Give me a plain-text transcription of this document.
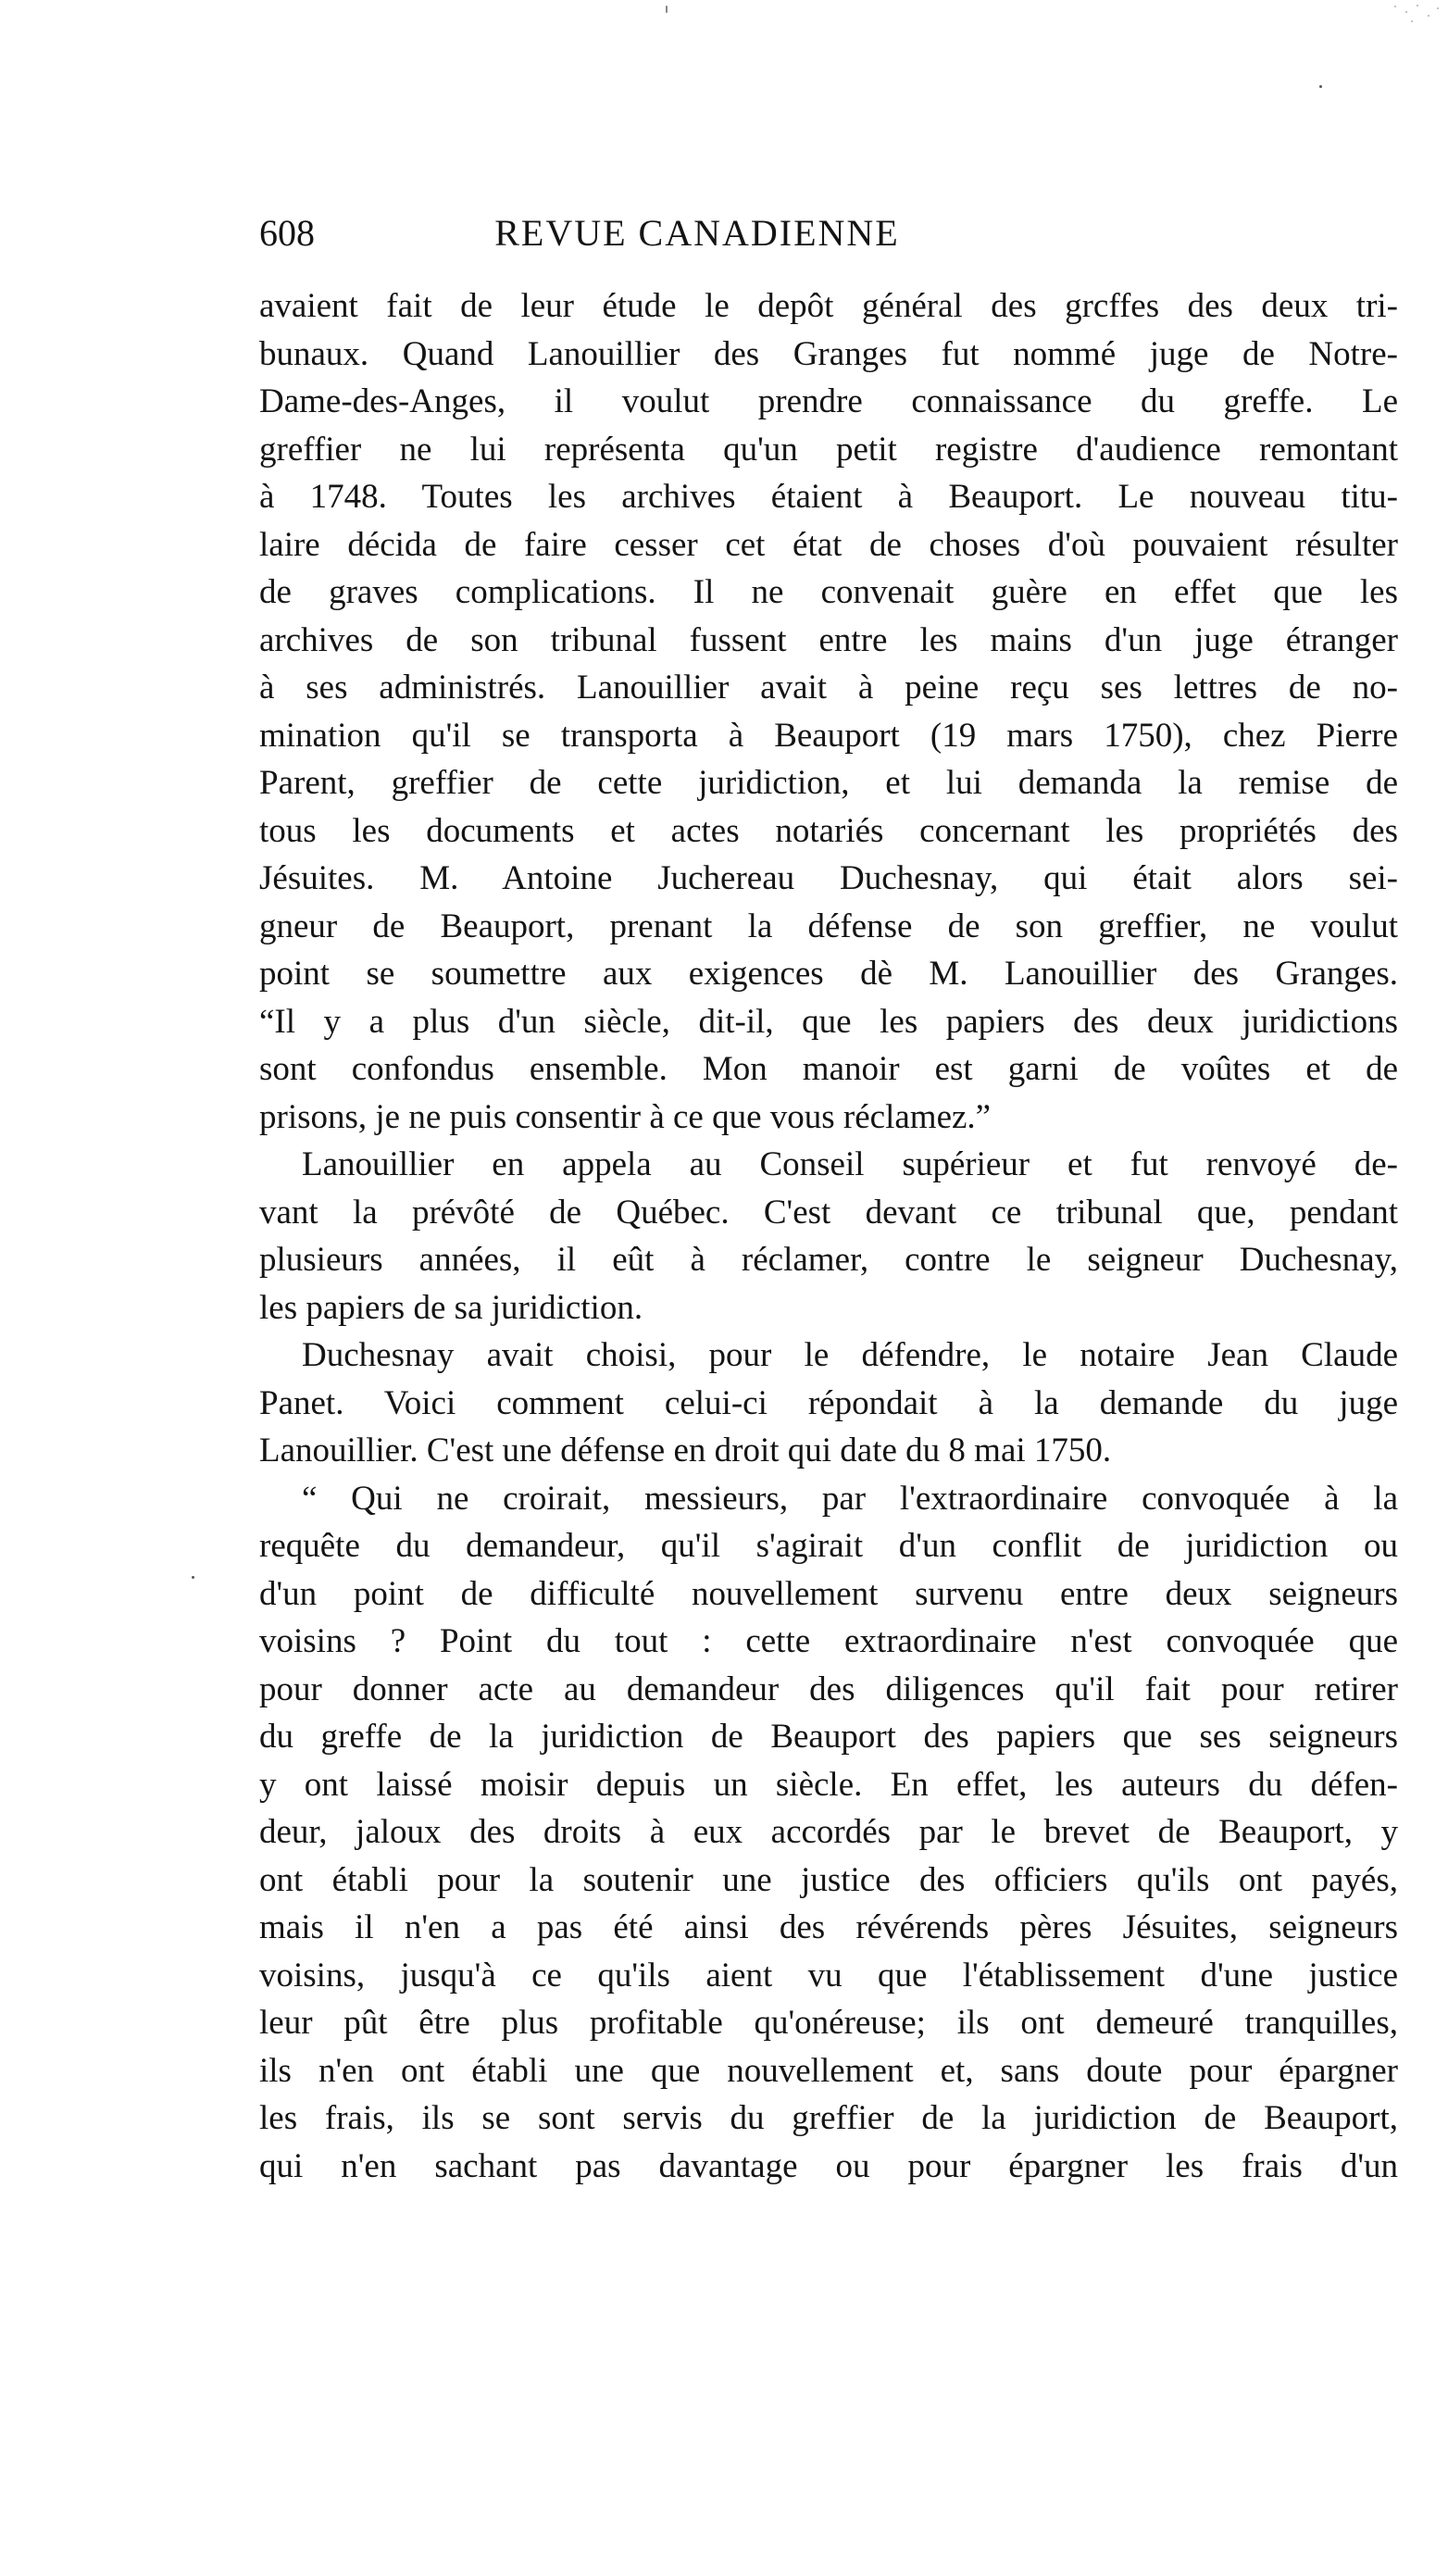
608	REVUE CANADIENNE
avaient fait de leur étude le depôt général des grcffes des deux tri-
bunaux. Quand Lanouillier des Granges fut nommé juge de Notre-
Dame-des-Anges, il voulut prendre connaissance du greffe. Le
greffier ne lui représenta qu'un petit registre d'audience remontant
à 1748. Toutes les archives étaient à Beauport. Le nouveau titu-
laire décida de faire cesser cet état de choses d'où pouvaient résulter
de graves complications. Il ne convenait guère en effet que les
archives de son tribunal fussent entre les mains d'un juge étranger
à ses administrés. Lanouillier avait à peine reçu ses lettres de no-
mination qu'il se transporta à Beauport (19 mars 1750), chez Pierre
Parent, greffier de cette juridiction, et lui demanda la remise de
tous les documents et actes notariés concernant les propriétés des
Jésuites. M. Antoine Juchereau Duchesnay, qui était alors sei-
gneur de Beauport, prenant la défense de son greffier, ne voulut
point se soumettre aux exigences dè M. Lanouillier des Granges.
“Il y a plus d'un siècle, dit-il, que les papiers des deux juridictions
sont confondus ensemble. Mon manoir est garni de voûtes et de
prisons, je ne puis consentir à ce que vous réclamez.”
Lanouillier en appela au Conseil supérieur et fut renvoyé de-
vant la prévôté de Québec. C'est devant ce tribunal que, pendant
plusieurs années, il eût à réclamer, contre le seigneur Duchesnay,
les papiers de sa juridiction.
Duchesnay avait choisi, pour le défendre, le notaire Jean Claude
Panet. Voici comment celui-ci répondait à la demande du juge
Lanouillier. C'est une défense en droit qui date du 8 mai 1750.
“ Qui ne croirait, messieurs, par l'extraordinaire convoquée à la
requête du demandeur, qu'il s'agirait d'un conflit de juridiction ou
d'un point de difficulté nouvellement survenu entre deux seigneurs
voisins ? Point du tout : cette extraordinaire n'est convoquée que
pour donner acte au demandeur des diligences qu'il fait pour retirer
du greffe de la juridiction de Beauport des papiers que ses seigneurs
y ont laissé moisir depuis un siècle. En effet, les auteurs du défen-
deur, jaloux des droits à eux accordés par le brevet de Beauport, y
ont établi pour la soutenir une justice des officiers qu'ils ont payés,
mais il n'en a pas été ainsi des révérends pères Jésuites, seigneurs
voisins, jusqu'à ce qu'ils aient vu que l'établissement d'une justice
leur pût être plus profitable qu'onéreuse; ils ont demeuré tranquilles,
ils n'en ont établi une que nouvellement et, sans doute pour épargner
les frais, ils se sont servis du greffier de la juridiction de Beauport,
qui n'en sachant pas davantage ou pour épargner les frais d'un
